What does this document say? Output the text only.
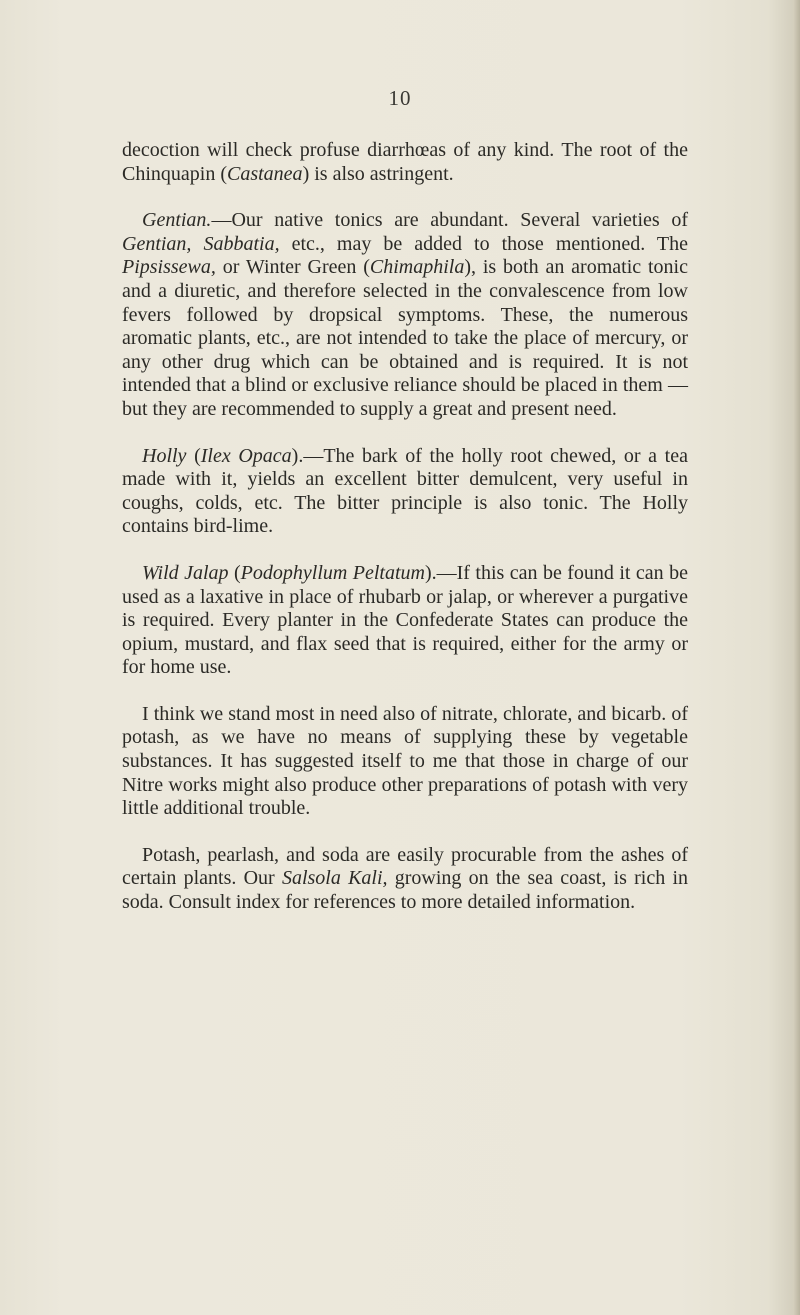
10

decoction will check profuse diarrhœas of any kind. The root of the Chinquapin (Castanea) is also astringent.

Gentian.—Our native tonics are abundant. Several varieties of Gentian, Sabbatia, etc., may be added to those mentioned. The Pipsissewa, or Winter Green (Chimaphila), is both an aromatic tonic and a diuretic, and therefore selected in the convalescence from low fevers followed by dropsical symptoms. These, the numerous aromatic plants, etc., are not intended to take the place of mercury, or any other drug which can be obtained and is required. It is not intended that a blind or exclusive reliance should be placed in them — but they are recommended to supply a great and present need.

Holly (Ilex Opaca).—The bark of the holly root chewed, or a tea made with it, yields an excellent bitter demulcent, very useful in coughs, colds, etc. The bitter principle is also tonic. The Holly contains bird-lime.

Wild Jalap (Podophyllum Peltatum).—If this can be found it can be used as a laxative in place of rhubarb or jalap, or wherever a purgative is required. Every planter in the Confederate States can produce the opium, mustard, and flax seed that is required, either for the army or for home use.

I think we stand most in need also of nitrate, chlorate, and bicarb. of potash, as we have no means of supplying these by vegetable substances. It has suggested itself to me that those in charge of our Nitre works might also produce other preparations of potash with very little additional trouble.

Potash, pearlash, and soda are easily procurable from the ashes of certain plants. Our Salsola Kali, growing on the sea coast, is rich in soda. Consult index for references to more detailed information.
